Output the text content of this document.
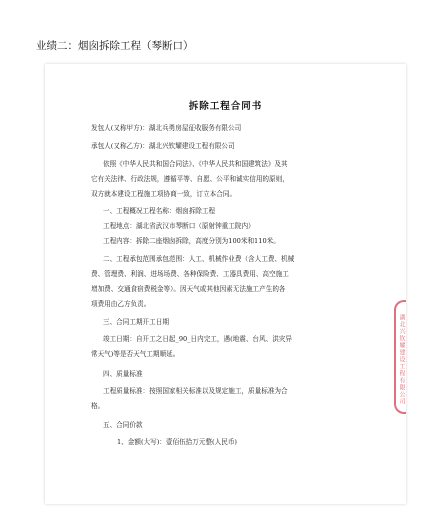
业绩二：烟囱拆除工程（琴断口）
拆除工程合同书
发包人(又称甲方)：湖北兵勇房屋征收服务有限公司
承包人(又称乙方)：湖北兴钦耀建设工程有限公司
依照《中华人民共和国合同法》、《中华人民共和国建筑法》及其
它有关法律、行政法规，遵循平等、自愿、公平和诚实信用的原则，
双方就本建设工程施工项协商一致，订立本合同。
一、工程概况工程名称：烟囱拆除工程
工程地点：湖北省武汉市琴断口（原射钟重工院内）
工程内容：拆除二座烟囱拆除，高度分别为100米和110米。
二、工程承包范围承包范围：人工、机械作业费（含人工费、机械
费、管理费、利润、进场场费、各种保险费、工器具费用、高空施工
增加费、交通食宿费税金等）。因天气或其他因素无法施工产生的各
项费用由乙方负责。
三、合同工期开工日期
竣工日期：自开工之日起_90_日内完工，遇(地震、台风、洪灾异
常天气)等是否天气工期顺延。
四、质量标准
工程质量标准：按照国家相关标准以及规定施工，质量标准为合
格。
五、合同价款
1、金额(大写)：壹佰伍拾万元整(人民币)
湖北兴钦耀建设工程有限公司
